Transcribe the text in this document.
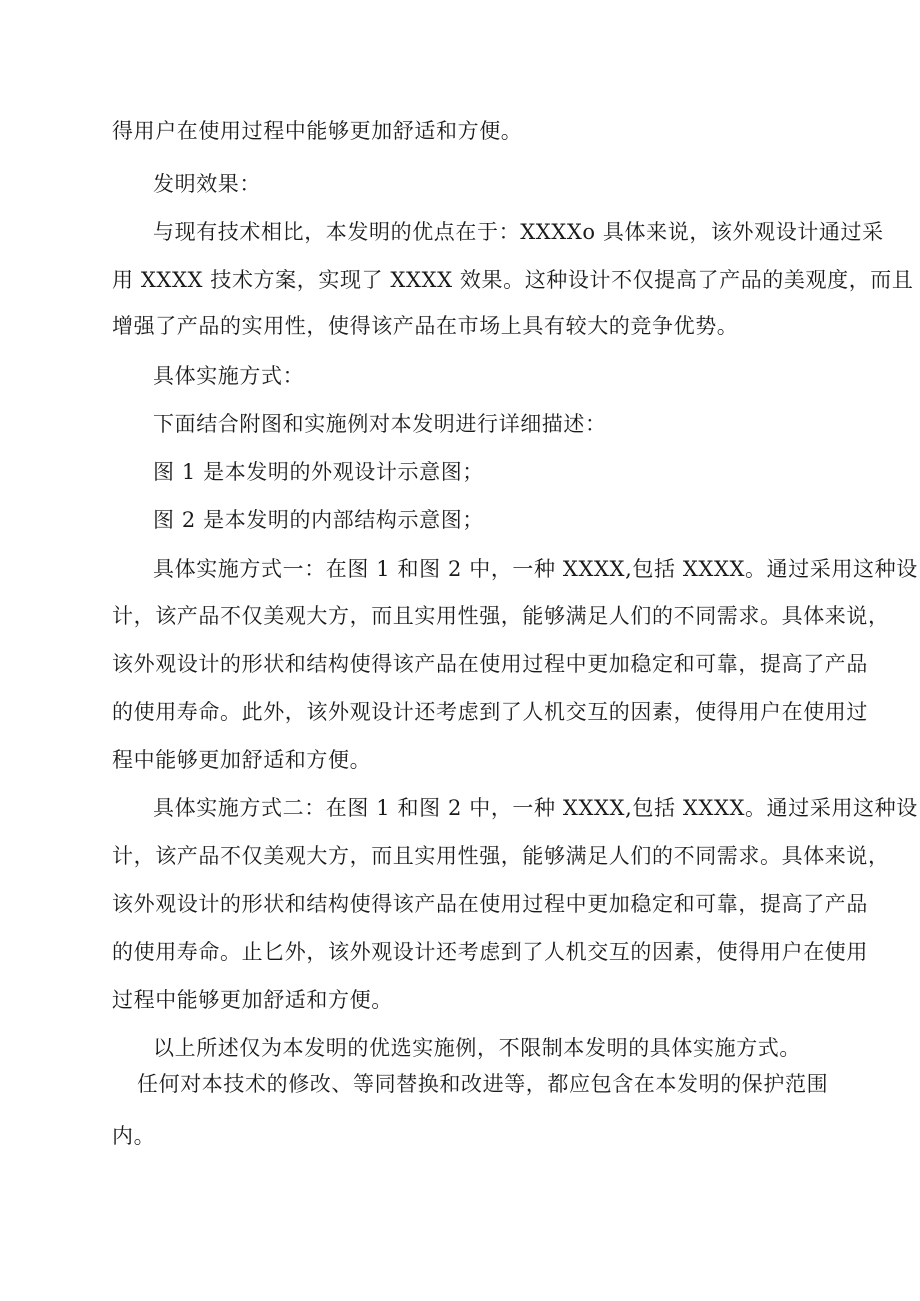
得用户在使用过程中能够更加舒适和方便。
发明效果：
与现有技术相比，本发明的优点在于：XXXXo 具体来说，该外观设计通过采
用 XXXX 技术方案，实现了 XXXX 效果。这种设计不仅提高了产品的美观度，而且
增强了产品的实用性，使得该产品在市场上具有较大的竞争优势。
具体实施方式：
下面结合附图和实施例对本发明进行详细描述：
图 1 是本发明的外观设计示意图；
图 2 是本发明的内部结构示意图；
具体实施方式一：在图 1 和图 2 中，一种 XXXX,包括 XXXX。通过采用这种设
计，该产品不仅美观大方，而且实用性强，能够满足人们的不同需求。具体来说，
该外观设计的形状和结构使得该产品在使用过程中更加稳定和可靠，提高了产品
的使用寿命。此外，该外观设计还考虑到了人机交互的因素，使得用户在使用过
程中能够更加舒适和方便。
具体实施方式二：在图 1 和图 2 中，一种 XXXX,包括 XXXX。通过采用这种设
计，该产品不仅美观大方，而且实用性强，能够满足人们的不同需求。具体来说，
该外观设计的形状和结构使得该产品在使用过程中更加稳定和可靠，提高了产品
的使用寿命。止匕外，该外观设计还考虑到了人机交互的因素，使得用户在使用
过程中能够更加舒适和方便。
以上所述仅为本发明的优选实施例，不限制本发明的具体实施方式。
任何对本技术的修改、等同替换和改进等，都应包含在本发明的保护范围
内。
